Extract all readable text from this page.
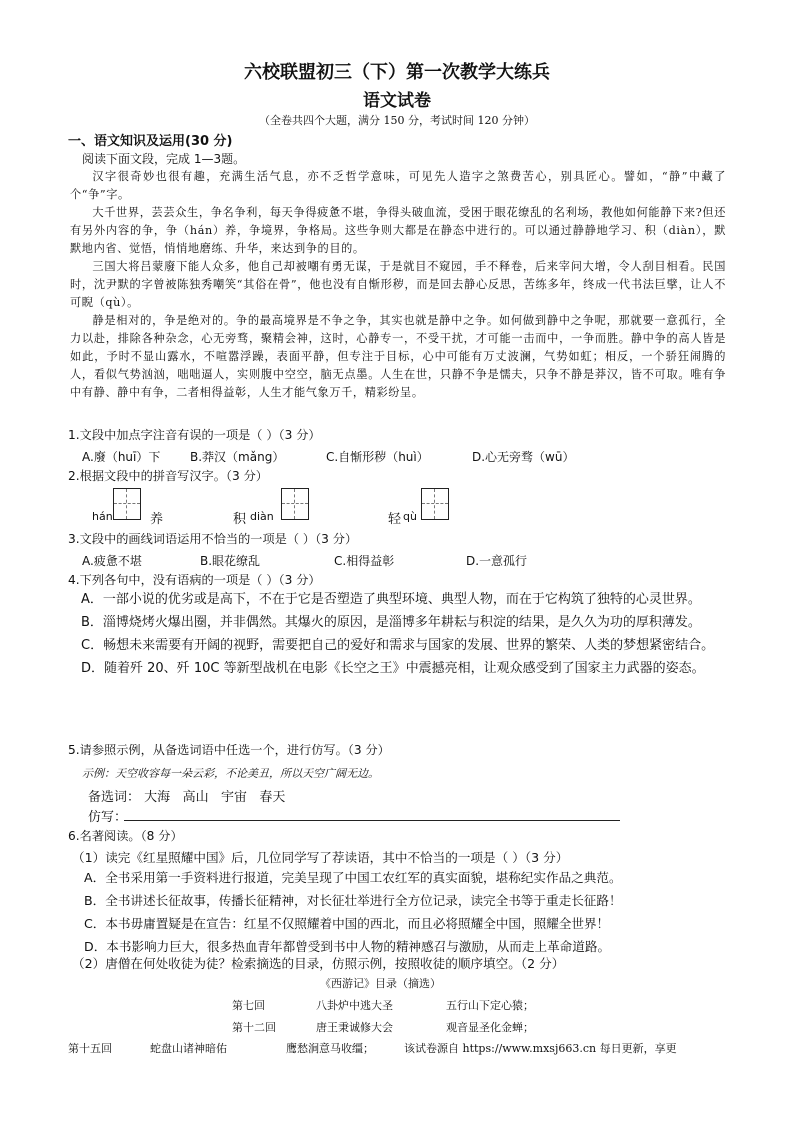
六校联盟初三（下）第一次教学大练兵
语文试卷
（全卷共四个大题，满分 150 分，考试时间 120 分钟）
一、语文知识及运用(30 分)
阅读下面文段，完成 1—3题。

汉字很奇妙也很有趣，充满生活气息，亦不乏哲学意味，可见先人造字之煞费苦心，别具匠心。譬如，“静”中藏了个“争”字。

大千世界，芸芸众生，争名争利，每天争得疲惫不堪，争得头破血流，受困于眼花缭乱的名利场，教他如何能静下来?但还有另外内容的争，争（hán）养，争境界，争格局。这些争则大都是在静态中进行的。可以通过静静地学习、积（diàn），默默地内省、觉悟，悄悄地磨练、升华，来达到争的目的。

三国大将吕蒙廢下能人众多，他自己却被嘲有勇无谋，于是就目不窥园，手不释卷，后来宰问大增，令人刮目相看。民国时，沈尹默的字曾被陈独秀嘲笑“其俗在骨”，他也没有自惭形秽，而是回去静心反思，苦练多年，终成一代书法巨擘，让人不可睨（qù）。

静是相对的，争是绝对的。争的最高境界是不争之争，其实也就是静中之争。如何做到静中之争呢，那就要一意孤行，全力以赴，排除各种杂念，心无旁骛，聚精会神，这时，心静专一，不受干扰，才可能一击而中，一争而胜。静中争的高人皆是如此，予时不显山露水，不喧嚣浮躁，表面平静，但专注于目标，心中可能有万丈波澜，气势如虹；相反，一个骄狂闹腾的人，看似气势汹汹，咄咄逼人，实则腹中空空，脑无点墨。人生在世，只静不争是懦夫，只争不静是莽汉，皆不可取。唯有争中有静、静中有争，二者相得益彰，人生才能气象万千，精彩纷呈。

1.文段中加点字注音有误的一项是（ ）（3 分）
A.廢（huī）下 B.莽汉（mǎng）	C.自惭形秽（huì）	D.心无旁骛（wū）
2.根据文段中的拼音写汉字。（3 分）
hán	养	积 diàn	轻 qù
3.文段中的画线词语运用不恰当的一项是（ ）（3 分）
A.疲惫不堪	B.眼花缭乱	C.相得益彰	D.一意孤行
4.下列各句中，没有语病的一项是（ ）（3 分）

A．一部小说的优劣或是高下，不在于它是否塑造了典型环境、典型人物，而在于它构筑了独特的心灵世界。

B．淄博烧烤火爆出圈，并非偶然。其爆火的原因，是淄博多年耕耘与积淀的结果，是久久为功的厚积薄发。

C．畅想未来需要有开阔的视野，需要把自己的爱好和需求与国家的发展、世界的繁荣、人类的梦想紧密结合。

D．随着歼 20、歼 10C 等新型战机在电影《长空之王》中震撼亮相，让观众感受到了国家主力武器的姿态。

5.请参照示例，从备选词语中任选一个，进行仿写。（3 分）
示例：天空收容每一朵云彩，不论美丑，所以天空广阔无边。
备选词： 大海 高山 宇宙 春天
仿写：
6.名著阅读。（8 分）
（1）读完《红星照耀中国》后，几位同学写了荐读语，其中不恰当的一项是（ ）（3 分）

A．全书采用第一手资料进行报道，完美呈现了中国工农红军的真实面貌，堪称纪实作品之典范。

B．全书讲述长征故事，传播长征精神，对长征壮举进行全方位记录，读完全书等于重走长征路！

C．本书毋庸置疑是在宣告：红星不仅照耀着中国的西北，而且必将照耀全中国，照耀全世界！

D．本书影响力巨大，很多热血青年都曾受到书中人物的精神感召与激励，从而走上革命道路。

（2）唐僧在何处收徒为徒？检索摘选的目录，仿照示例，按照收徒的顺序填空。（2 分）
《西游记》目录（摘选）
第七回	八卦炉中逃大圣	五行山下定心猿；
第十二回	唐王秉诚修大会	观音显圣化金蝉；
第十五回	蛇盘山诸神暗佑	鹰愁涧意马收缰；	该试卷源自 https://www.mxsj663.cn 每日更新，享更
